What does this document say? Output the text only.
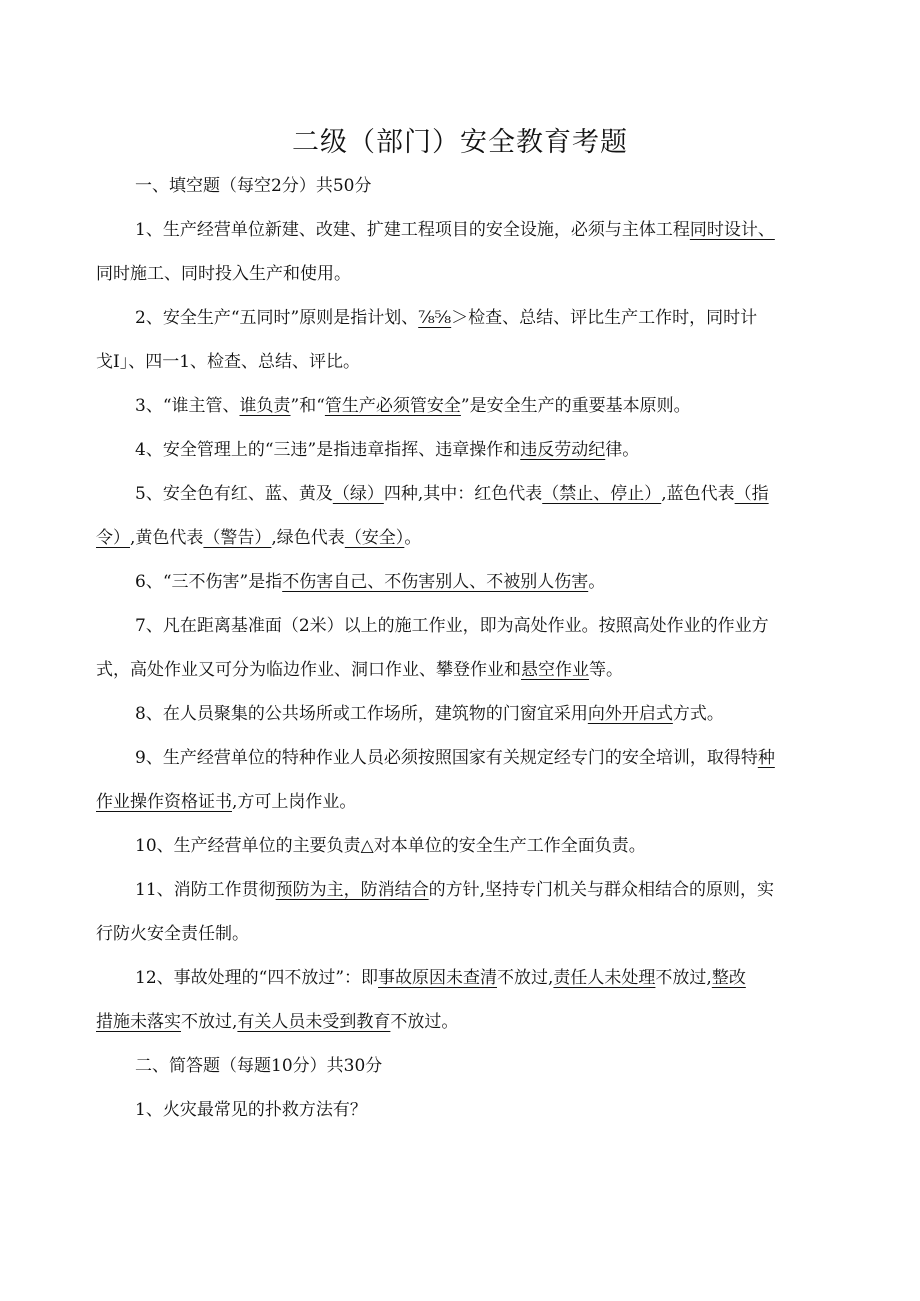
二级（部门）安全教育考题
一、填空题（每空2分）共50分
1、生产经营单位新建、改建、扩建工程项目的安全设施，必须与主体工程同时设计、
同时施工、同时投入生产和使用。
2、安全生产“五同时”原则是指计划、⅞⅝＞检查、总结、评比生产工作时，同时计
戈I」、四一1、检查、总结、评比。
3、“谁主管、谁负责”和“管生产必须管安全”是安全生产的重要基本原则。
4、安全管理上的“三违”是指违章指挥、违章操作和违反劳动纪律。
5、安全色有红、蓝、黄及（绿）四种,其中：红色代表（禁止、停止）,蓝色代表（指
令）,黄色代表（警告）,绿色代表（安全）。
6、“三不伤害”是指不伤害自己、不伤害别人、不被别人伤害。
7、凡在距离基准面（2米）以上的施工作业，即为高处作业。按照高处作业的作业方
式，高处作业又可分为临边作业、洞口作业、攀登作业和悬空作业等。
8、在人员聚集的公共场所或工作场所，建筑物的门窗宜采用向外开启式方式。
9、生产经营单位的特种作业人员必须按照国家有关规定经专门的安全培训，取得特种
作业操作资格证书,方可上岗作业。
10、生产经营单位的主要负责△对本单位的安全生产工作全面负责。
11、消防工作贯彻预防为主，防消结合的方针,坚持专门机关与群众相结合的原则，实
行防火安全责任制。
12、事故处理的“四不放过”：即事故原因未查清不放过,责任人未处理不放过,整改
措施未落实不放过,有关人员未受到教育不放过。
二、简答题（每题10分）共30分
1、火灾最常见的扑救方法有？
